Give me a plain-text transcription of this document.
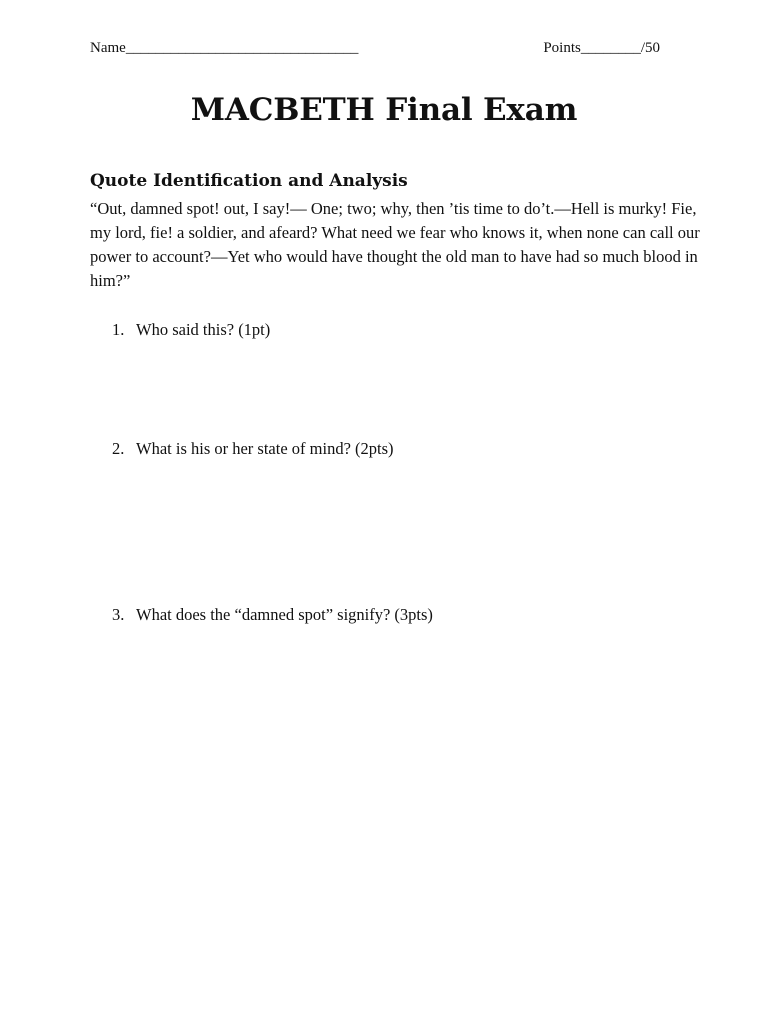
Name_______________________________	Points________/50
MACBETH Final Exam
Quote Identification and Analysis

“Out, damned spot! out, I say!— One; two; why, then ’tis time to do’t.—Hell is murky! Fie, my lord, fie! a soldier, and afeard? What need we fear who knows it, when none can call our power to account?—Yet who would have thought the old man to have had so much blood in him?”

1. Who said this? (1pt)
2. What is his or her state of mind? (2pts)
3. What does the “damned spot” signify? (3pts)
